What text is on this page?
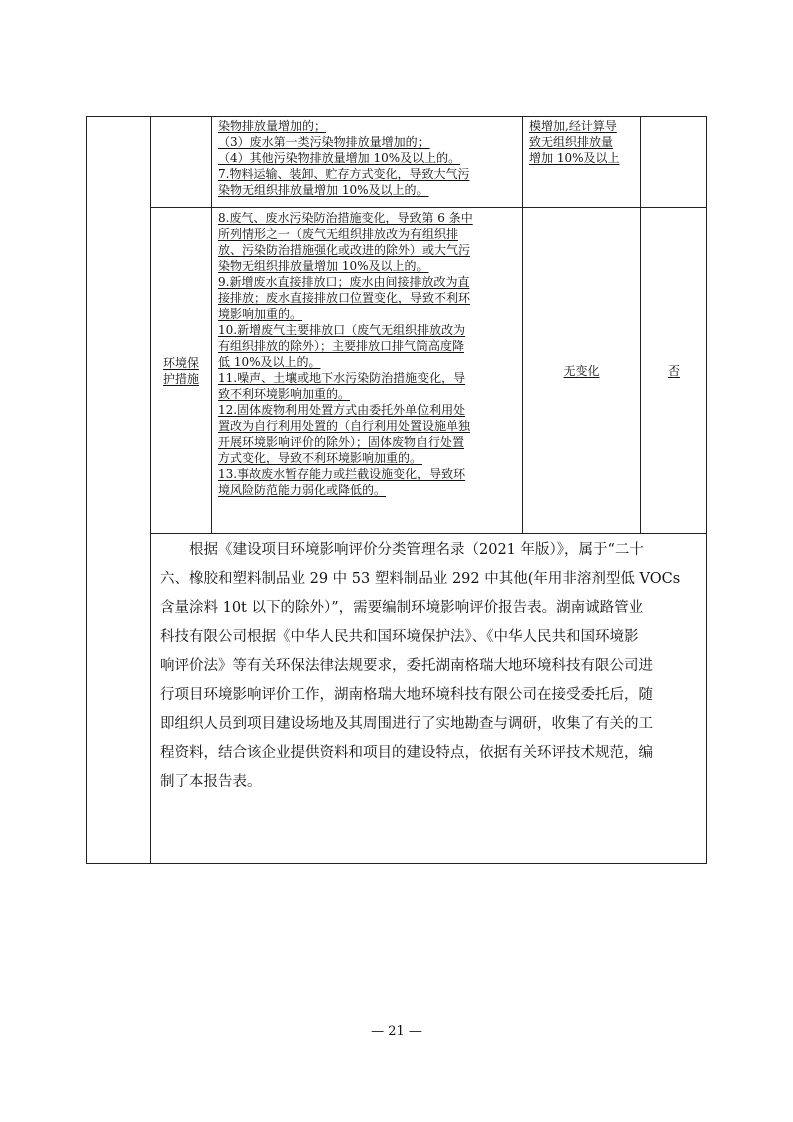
染物排放量增加的；
（3）废水第一类污染物排放量增加的；
（4）其他污染物排放量增加 10%及以上的。
7.物料运输、装卸、贮存方式变化，导致大气污
染物无组织排放量增加 10%及以上的。
模增加,经计算导
致无组织排放量
增加 10%及以上
环境保
护措施
8.废气、废水污染防治措施变化，导致第 6 条中
所列情形之一（废气无组织排放改为有组织排
放、污染防治措施强化或改进的除外）或大气污
染物无组织排放量增加 10%及以上的。
9.新增废水直接排放口；废水由间接排放改为直
接排放；废水直接排放口位置变化，导致不利环
境影响加重的。
10.新增废气主要排放口（废气无组织排放改为
有组织排放的除外）；主要排放口排气筒高度降
低 10%及以上的。
11.噪声、土壤或地下水污染防治措施变化，导
致不利环境影响加重的。
12.固体废物利用处置方式由委托外单位利用处
置改为自行利用处置的（自行利用处置设施单独
开展环境影响评价的除外）；固体废物自行处置
方式变化，导致不利环境影响加重的。
13.事故废水暂存能力或拦截设施变化，导致环
境风险防范能力弱化或降低的。
无变化	否
　　根据《建设项目环境影响评价分类管理名录（2021 年版）》，属于“二十
六、橡胶和塑料制品业 29 中 53 塑料制品业 292 中其他(年用非溶剂型低 VOCs
含量涂料 10t 以下的除外）”，需要编制环境影响评价报告表。湖南诚路管业
科技有限公司根据《中华人民共和国环境保护法》、《中华人民共和国环境影
响评价法》等有关环保法律法规要求，委托湖南格瑞大地环境科技有限公司进
行项目环境影响评价工作，湖南格瑞大地环境科技有限公司在接受委托后，随
即组织人员到项目建设场地及其周围进行了实地勘查与调研，收集了有关的工
程资料，结合该企业提供资料和项目的建设特点，依据有关环评技术规范，编
制了本报告表。
— 21 —
